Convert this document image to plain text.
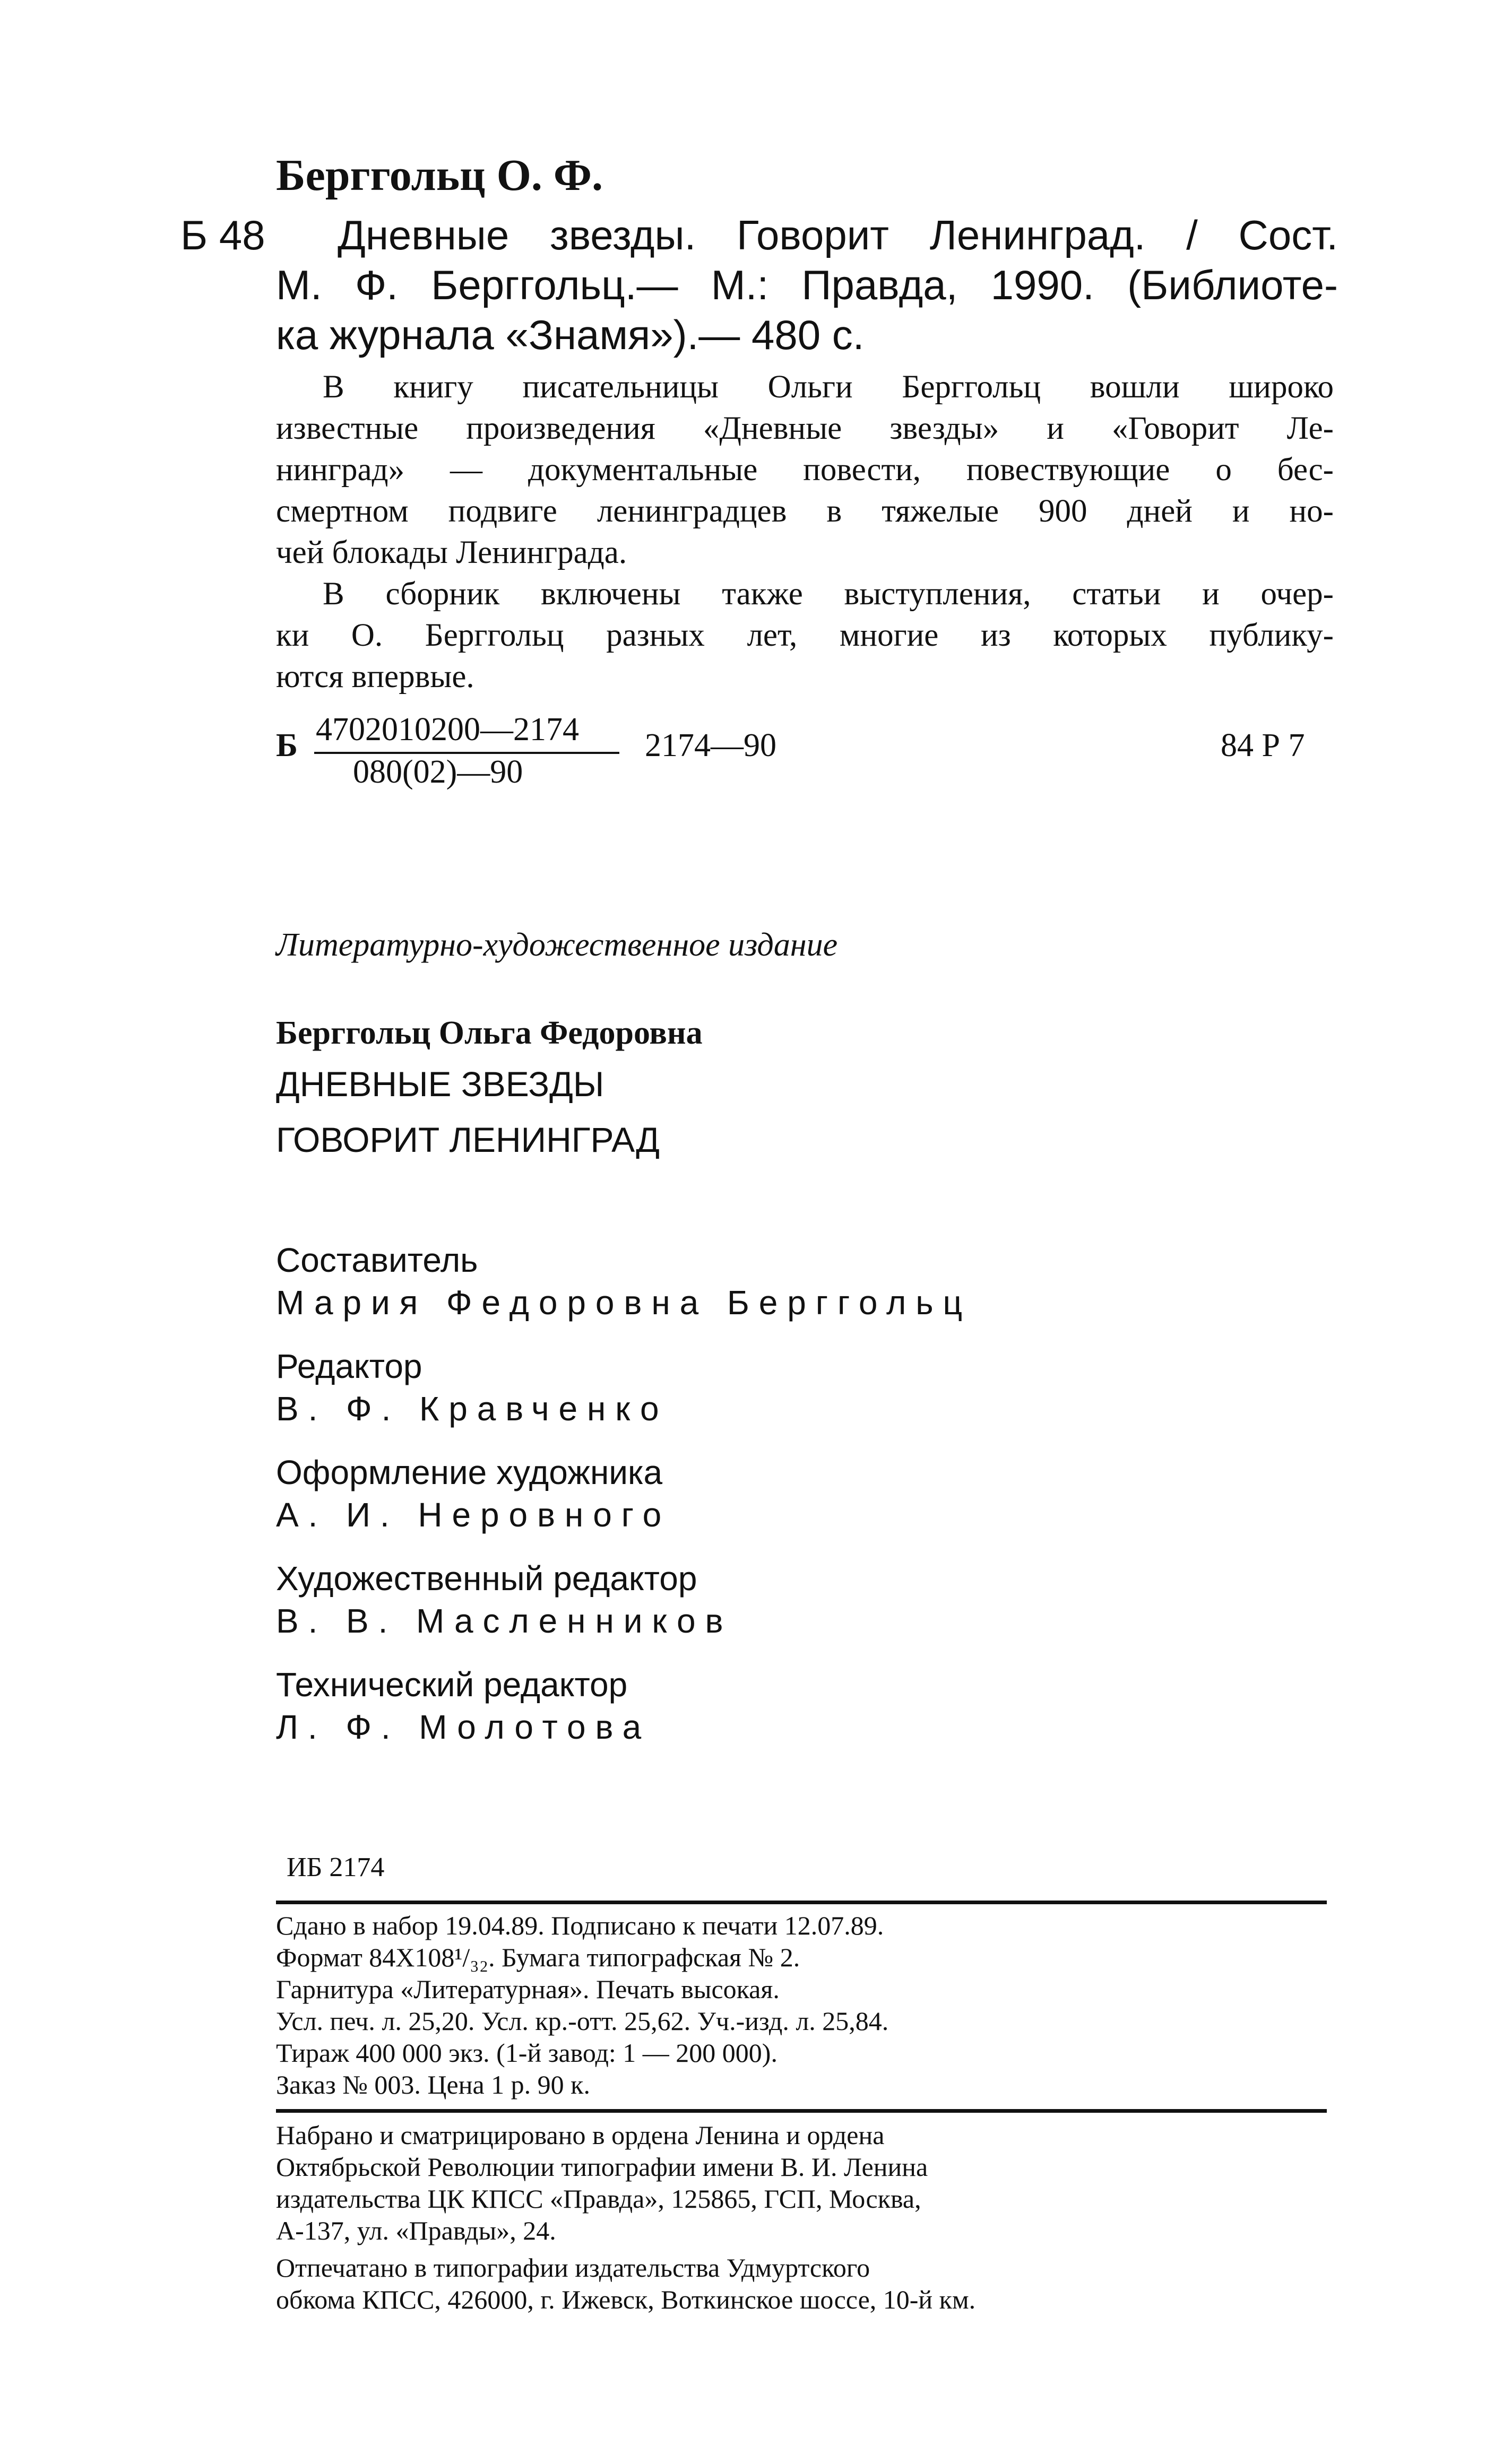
Берггольц О. Ф.
Б 48 Дневные звезды. Говорит Ленинград. / Сост.
М. Ф. Берггольц.— М.: Правда, 1990. (Библиоте-
ка журнала «Знамя»).— 480 с.
В книгу писательницы Ольги Берггольц вошли широко
известные произведения «Дневные звезды» и «Говорит Ле-
нинград» — документальные повести, повествующие о бес-
смертном подвиге ленинградцев в тяжелые 900 дней и но-
чей блокады Ленинграда.
В сборник включены также выступления, статьи и очер-
ки О. Берггольц разных лет, многие из которых публику-
ются впервые.
Б 4702010200—2174
080(02)—90
2174—90	84 Р 7
Литературно-художественное издание
Берггольц Ольга Федоровна
ДНЕВНЫЕ ЗВЕЗДЫ
ГОВОРИТ ЛЕНИНГРАД
Составитель
Мария Федоровна Берггольц
Редактор
В. Ф. Кравченко
Оформление художника
А. И. Неровного
Художественный редактор
В. В. Масленников
Технический редактор
Л. Ф. Молотова
ИБ 2174
Сдано в набор 19.04.89. Подписано к печати 12.07.89.
Формат 84Х108¹/₃₂. Бумага типографская № 2.
Гарнитура «Литературная». Печать высокая.
Усл. печ. л. 25,20. Усл. кр.-отт. 25,62. Уч.-изд. л. 25,84.
Тираж 400 000 экз. (1-й завод: 1 — 200 000).
Заказ № 003. Цена 1 р. 90 к.
Набрано и сматрицировано в ордена Ленина и ордена
Октябрьской Революции типографии имени В. И. Ленина
издательства ЦК КПСС «Правда», 125865, ГСП, Москва,
А-137, ул. «Правды», 24.
Отпечатано в типографии издательства Удмуртского
обкома КПСС, 426000, г. Ижевск, Воткинское шоссе, 10-й км.
